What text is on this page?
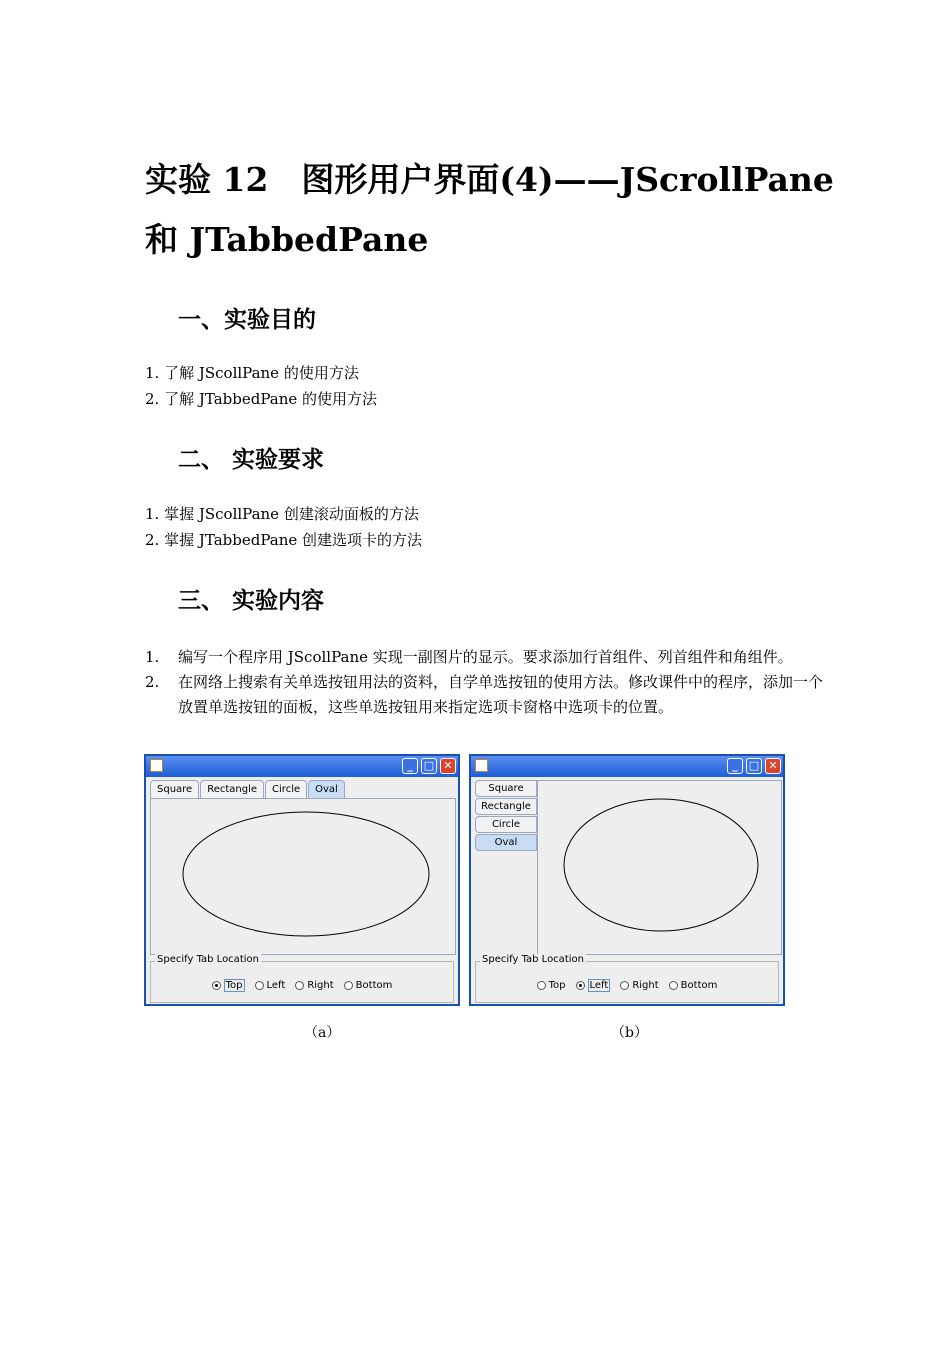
实验 12　图形用户界面(4)——JScrollPane
和 JTabbedPane
一、实验目的
1. 了解 JScollPane 的使用方法
2. 了解 JTabbedPane 的使用方法
二、 实验要求
1. 掌握 JScollPane 创建滚动面板的方法
2. 掌握 JTabbedPane 创建选项卡的方法
三、 实验内容
1. 编写一个程序用 JScollPane 实现一副图片的显示。要求添加行首组件、列首组件和角组件。
2. 在网络上搜索有关单选按钮用法的资料，自学单选按钮的使用方法。修改课件中的程序，添加一个放置单选按钮的面板，这些单选按钮用来指定选项卡窗格中选项卡的位置。
_	□ ✕
Square	Rectangle	Circle	Oval
Specify Tab Location
Top Left Right Bottom
_	□ ✕
Square
Rectangle
Circle
Oval
Specify Tab Location
Top Left Right Bottom
（a）	（b）
